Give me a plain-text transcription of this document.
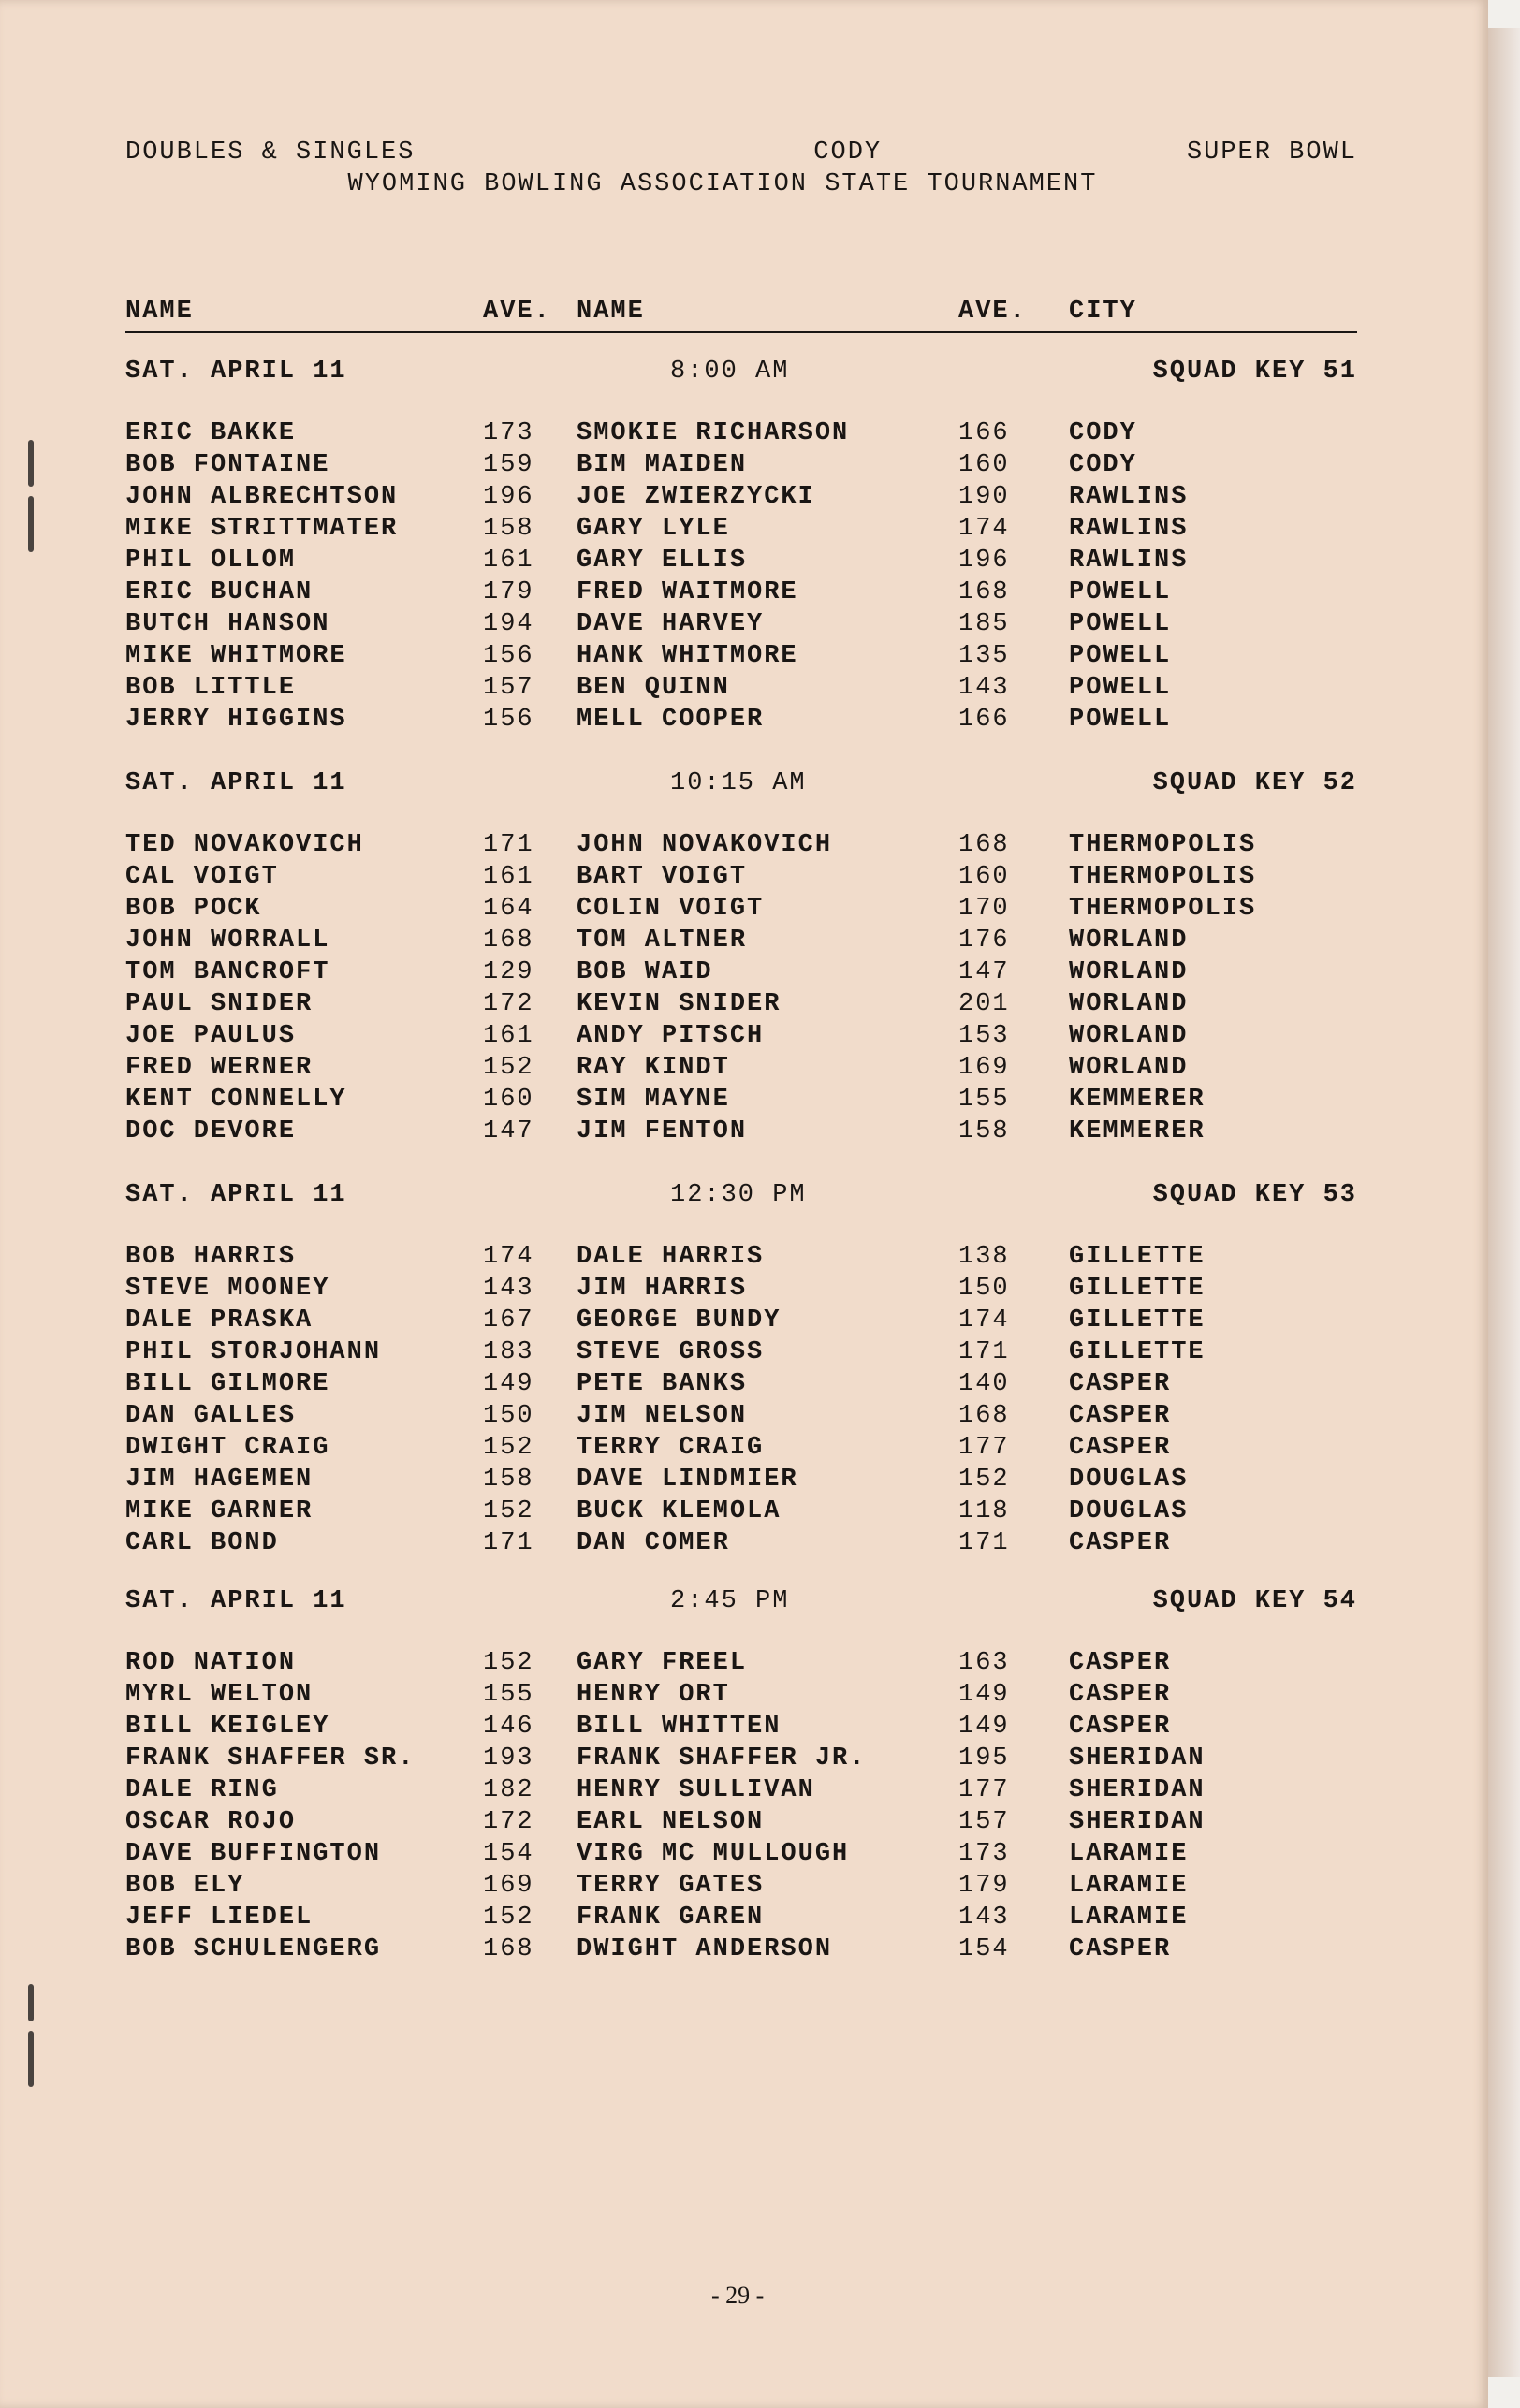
DOUBLES & SINGLES	CODY	SUPER BOWL
WYOMING BOWLING ASSOCIATION STATE TOURNAMENT
NAME	AVE. NAME	AVE. CITY
SAT. APRIL 11	8:00 AM	SQUAD KEY 51
ERIC BAKKE	173 SMOKIE RICHARSON	166 CODY
BOB FONTAINE	159 BIM MAIDEN	160 CODY
JOHN ALBRECHTSON	196 JOE ZWIERZYCKI	190 RAWLINS
MIKE STRITTMATER	158 GARY LYLE	174 RAWLINS
PHIL OLLOM	161 GARY ELLIS	196 RAWLINS
ERIC BUCHAN	179 FRED WAITMORE	168 POWELL
BUTCH HANSON	194 DAVE HARVEY	185 POWELL
MIKE WHITMORE	156 HANK WHITMORE	135 POWELL
BOB LITTLE	157 BEN QUINN	143 POWELL
JERRY HIGGINS	156 MELL COOPER	166 POWELL
SAT. APRIL 11	10:15 AM	SQUAD KEY 52
TED NOVAKOVICH	171 JOHN NOVAKOVICH	168 THERMOPOLIS
CAL VOIGT	161 BART VOIGT	160 THERMOPOLIS
BOB POCK	164 COLIN VOIGT	170 THERMOPOLIS
JOHN WORRALL	168 TOM ALTNER	176 WORLAND
TOM BANCROFT	129 BOB WAID	147 WORLAND
PAUL SNIDER	172 KEVIN SNIDER	201 WORLAND
JOE PAULUS	161 ANDY PITSCH	153 WORLAND
FRED WERNER	152 RAY KINDT	169 WORLAND
KENT CONNELLY	160 SIM MAYNE	155 KEMMERER
DOC DEVORE	147 JIM FENTON	158 KEMMERER
SAT. APRIL 11	12:30 PM	SQUAD KEY 53
BOB HARRIS	174 DALE HARRIS	138 GILLETTE
STEVE MOONEY	143 JIM HARRIS	150 GILLETTE
DALE PRASKA	167 GEORGE BUNDY	174 GILLETTE
PHIL STORJOHANN	183 STEVE GROSS	171 GILLETTE
BILL GILMORE	149 PETE BANKS	140 CASPER
DAN GALLES	150 JIM NELSON	168 CASPER
DWIGHT CRAIG	152 TERRY CRAIG	177 CASPER
JIM HAGEMEN	158 DAVE LINDMIER	152 DOUGLAS
MIKE GARNER	152 BUCK KLEMOLA	118 DOUGLAS
CARL BOND	171 DAN COMER	171 CASPER
SAT. APRIL 11	2:45 PM	SQUAD KEY 54
ROD NATION	152 GARY FREEL	163 CASPER
MYRL WELTON	155 HENRY ORT	149 CASPER
BILL KEIGLEY	146 BILL WHITTEN	149 CASPER
FRANK SHAFFER SR.	193 FRANK SHAFFER JR.	195 SHERIDAN
DALE RING	182 HENRY SULLIVAN	177 SHERIDAN
OSCAR ROJO	172 EARL NELSON	157 SHERIDAN
DAVE BUFFINGTON	154 VIRG MC MULLOUGH	173 LARAMIE
BOB ELY	169 TERRY GATES	179 LARAMIE
JEFF LIEDEL	152 FRANK GAREN	143 LARAMIE
BOB SCHULENGERG	168 DWIGHT ANDERSON	154 CASPER
- 29 -
